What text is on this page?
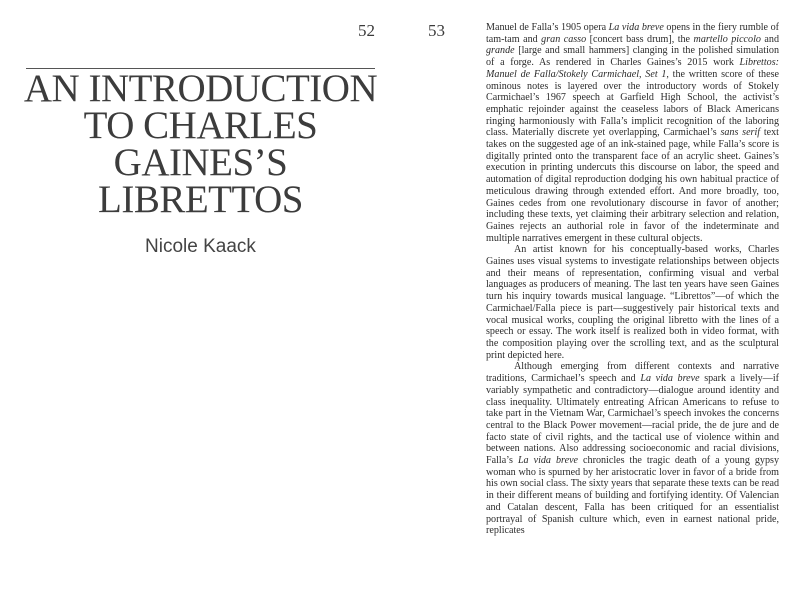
52
AN INTRODUCTION
TO CHARLES
GAINES’S
LIBRETTOS
Nicole Kaack
53	Manuel de Falla’s 1905 opera La vida breve opens in the fiery rumble of tam-tam and gran casso [concert bass drum], the martello piccolo and grande [large and small hammers] clanging in the polished simulation of a forge. As rendered in Charles Gaines’s 2015 work Librettos: Manuel de Falla/Stokely Carmichael, Set 1, the written score of these ominous notes is layered over the introductory words of Stokely Carmichael’s 1967 speech at Garfield High School, the activist’s emphatic rejoinder against the ceaseless labors of Black Americans ringing harmoniously with Falla’s implicit recognition of the laboring class. Materially discrete yet overlapping, Carmichael’s sans serif text takes on the suggested age of an ink-stained page, while Falla’s score is digitally printed onto the transparent face of an acrylic sheet. Gaines’s execution in printing undercuts this discourse on labor, the speed and automation of digital reproduction dodging his own habitual practice of meticulous drawing through extended effort. And more broadly, too, Gaines cedes from one revolutionary discourse in favor of another; including these texts, yet claiming their arbitrary selection and relation, Gaines rejects an authorial role in favor of the indeterminate and multiple narratives emergent in these cultural objects.

An artist known for his conceptually-based works, Charles Gaines uses visual systems to investigate relationships between objects and their means of representation, confirming visual and verbal languages as producers of meaning. The last ten years have seen Gaines turn his inquiry towards musical language. “Librettos”—of which the Carmichael/Falla piece is part—suggestively pair historical texts and vocal musical works, coupling the original libretto with the lines of a speech or essay. The work itself is realized both in video format, with the composition playing over the scrolling text, and as the sculptural print depicted here.

Although emerging from different contexts and narrative traditions, Carmichael’s speech and La vida breve spark a lively—if variably sympathetic and contradictory—dialogue around identity and class inequality. Ultimately entreating African Americans to refuse to take part in the Vietnam War, Carmichael’s speech invokes the concerns central to the Black Power movement—racial pride, the de jure and de facto state of civil rights, and the tactical use of violence within and between nations. Also addressing socioeconomic and racial divisions, Falla’s La vida breve chronicles the tragic death of a young gypsy woman who is spurned by her aristocratic lover in favor of a bride from his own social class. The sixty years that separate these texts can be read in their different means of building and fortifying identity. Of Valencian and Catalan descent, Falla has been critiqued for an essentialist portrayal of Spanish culture which, even in earnest national pride, replicates
